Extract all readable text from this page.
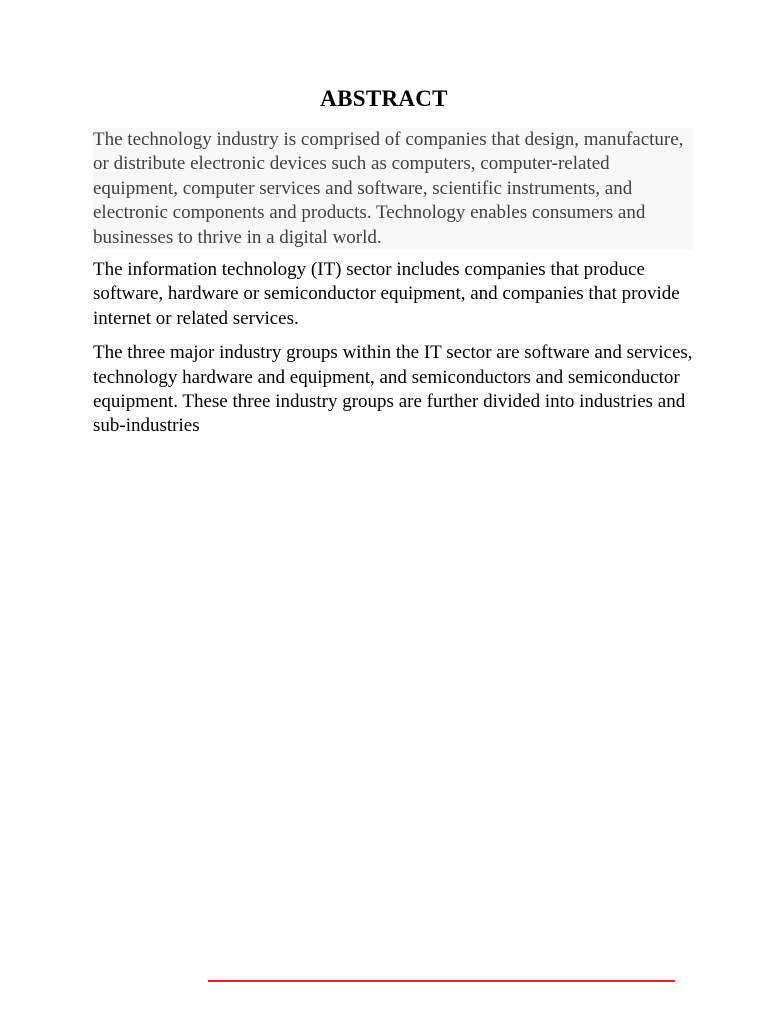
ABSTRACT

The technology industry is comprised of companies that design, manufacture, or distribute electronic devices such as computers, computer-related equipment, computer services and software, scientific instruments, and electronic components and products. Technology enables consumers and businesses to thrive in a digital world.

The information technology (IT) sector includes companies that produce software, hardware or semiconductor equipment, and companies that provide internet or related services.

The three major industry groups within the IT sector are software and services, technology hardware and equipment, and semiconductors and semiconductor equipment. These three industry groups are further divided into industries and sub-industries
